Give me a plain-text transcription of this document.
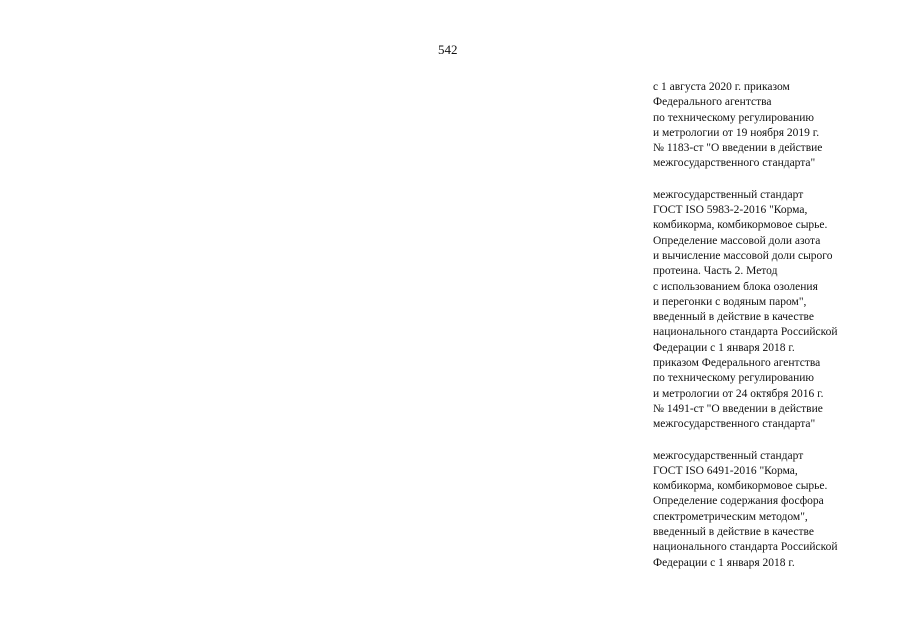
542
с 1 августа 2020 г. приказом
Федерального агентства
по техническому регулированию
и метрологии от 19 ноября 2019 г.
№ 1183-ст "О введении в действие
межгосударственного стандарта"
межгосударственный стандарт
ГОСТ ISO 5983-2-2016 "Корма,
комбикорма, комбикормовое сырье.
Определение массовой доли азота
и вычисление массовой доли сырого
протеина. Часть 2. Метод
с использованием блока озоления
и перегонки с водяным паром",
введенный в действие в качестве
национального стандарта Российской
Федерации с 1 января 2018 г.
приказом Федерального агентства
по техническому регулированию
и метрологии от 24 октября 2016 г.
№ 1491-ст "О введении в действие
межгосударственного стандарта"
межгосударственный стандарт
ГОСТ ISO 6491-2016 "Корма,
комбикорма, комбикормовое сырье.
Определение содержания фосфора
спектрометрическим методом",
введенный в действие в качестве
национального стандарта Российской
Федерации с 1 января 2018 г.
